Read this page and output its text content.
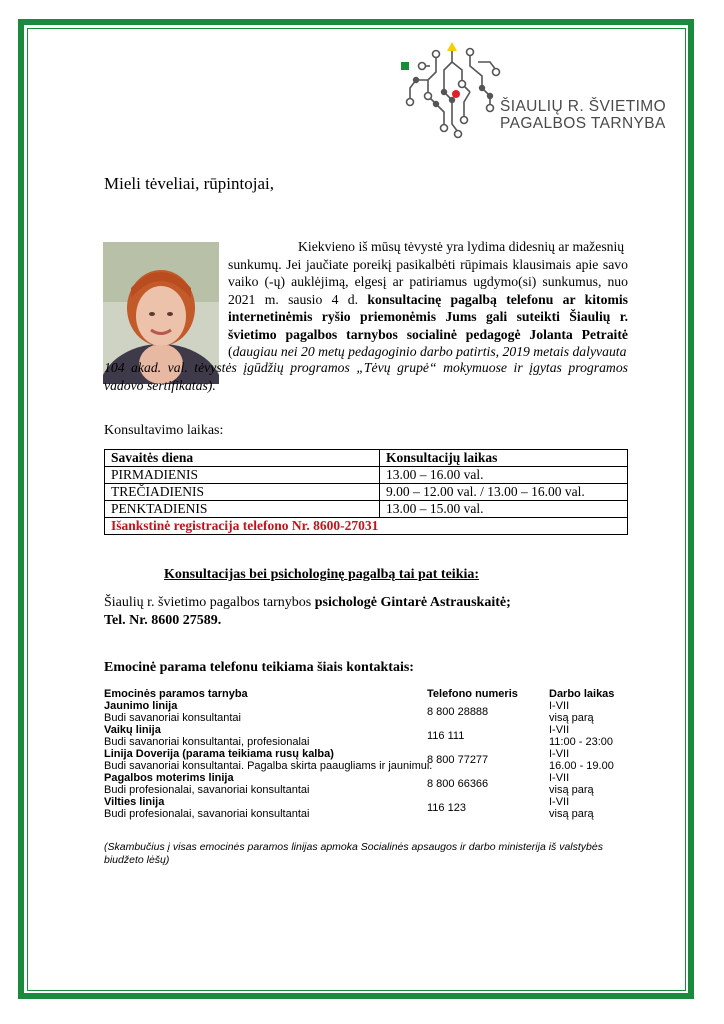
ŠIAULIŲ R. ŠVIETIMO
PAGALBOS TARNYBA
Mieli tėveliai, rūpintojai,
Kiekvieno iš mūsų tėvystė yra lydima didesnių ar mažesnių
sunkumų. Jei jaučiate poreikį pasikalbėti rūpimais klausimais apie savo vaiko (-ų) auklėjimą, elgesį ar patiriamus ugdymo(si) sunkumus, nuo 2021 m. sausio 4 d. konsultacinę pagalbą telefonu ar kitomis internetinėmis ryšio priemonėmis Jums gali suteikti Šiaulių r. švietimo pagalbos tarnybos socialinė pedagogė Jolanta Petraitė (daugiau nei 20 metų pedagoginio darbo patirtis, 2019 metais dalyvauta
104 akad. val. tėvystės įgūdžių programos „Tėvų grupė“ mokymuose ir įgytas programos vadovo sertifikatas).
Konsultavimo laikas:
Savaitės diena	Konsultacijų laikas
PIRMADIENIS	13.00 – 16.00 val.
TREČIADIENIS	9.00 – 12.00 val. / 13.00 – 16.00 val.
PENKTADIENIS	13.00 – 15.00 val.
Išankstinė registracija telefono Nr. 8600-27031	
Konsultacijas bei psichologinę pagalbą tai pat teikia:
Šiaulių r. švietimo pagalbos tarnybos psichologė Gintarė Astrauskaitė;
Tel. Nr. 8600 27589.
Emocinė parama telefonu teikiama šiais kontaktais:
Emocinės paramos tarnyba	Telefono numeris	Darbo laikas
Jaunimo linija
Budi savanoriai konsultantai	8 800 28888	I-VII
visą parą
Vaikų linija
Budi savanoriai konsultantai, profesionalai	116 111	I-VII
11:00 - 23:00
Linija Doverija (parama teikiama rusų kalba)
Budi savanoriai konsultantai. Pagalba skirta paaugliams ir jaunimui.
8 800 77277	I-VII
16.00 - 19.00
Pagalbos moterims linija
Budi profesionalai, savanoriai konsultantai	8 800 66366	I-VII
visą parą
Vilties linija
Budi profesionalai, savanoriai konsultantai	116 123	I-VII
visą parą
(Skambučius į visas emocinės paramos linijas apmoka Socialinės apsaugos ir darbo ministerija iš valstybės biudžeto lėšų)
